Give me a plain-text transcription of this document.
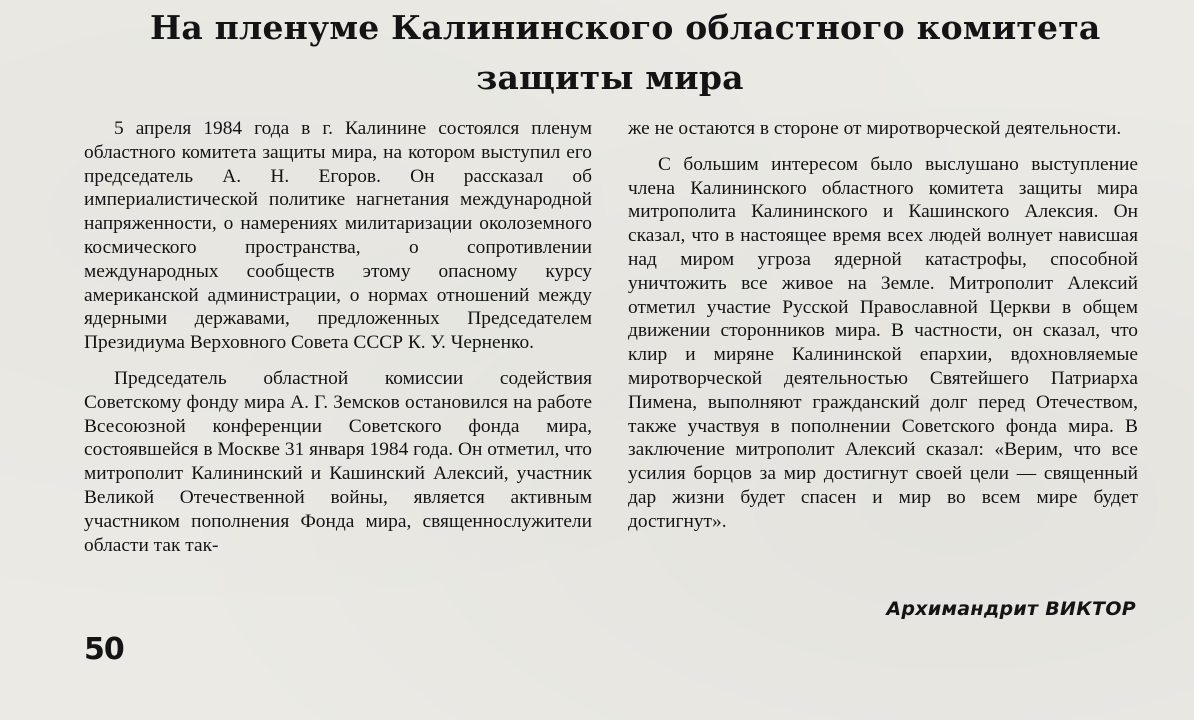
На пленуме Калининского областного комитета
защиты мира

5 апреля 1984 года в г. Калинине состоялся пленум областного комитета защиты мира, на котором выступил его председатель А. Н. Егоров. Он рассказал об империалистической политике нагнетания международной напряженности, о намерениях милитаризации околоземного космического пространства, о сопротивлении международных сообществ этому опасному курсу американской администрации, о нормах отношений между ядерными державами, предложенных Председателем Президиума Верховного Совета СССР К. У. Черненко.

Председатель областной комиссии содействия Советскому фонду мира А. Г. Земсков остановился на работе Всесоюзной конференции Советского фонда мира, состоявшейся в Москве 31 января 1984 года. Он отметил, что митрополит Калининский и Кашинский Алексий, участник Великой Отечественной войны, является активным участником пополнения Фонда мира, священнослужители области так так-

же не остаются в стороне от миротворческой деятельности.

С большим интересом было выслушано выступление члена Калининского областного комитета защиты мира митрополита Калининского и Кашинского Алексия. Он сказал, что в настоящее время всех людей волнует нависшая над миром угроза ядерной катастрофы, способной уничтожить все живое на Земле. Митрополит Алексий отметил участие Русской Православной Церкви в общем движении сторонников мира. В частности, он сказал, что клир и миряне Калининской епархии, вдохновляемые миротворческой деятельностью Святейшего Патриарха Пимена, выполняют гражданский долг перед Отечеством, также участвуя в пополнении Советского фонда мира. В заключение митрополит Алексий сказал: «Верим, что все усилия борцов за мир достигнут своей цели — священный дар жизни будет спасен и мир во всем мире будет достигнут».

Архимандрит ВИКТОР
50
